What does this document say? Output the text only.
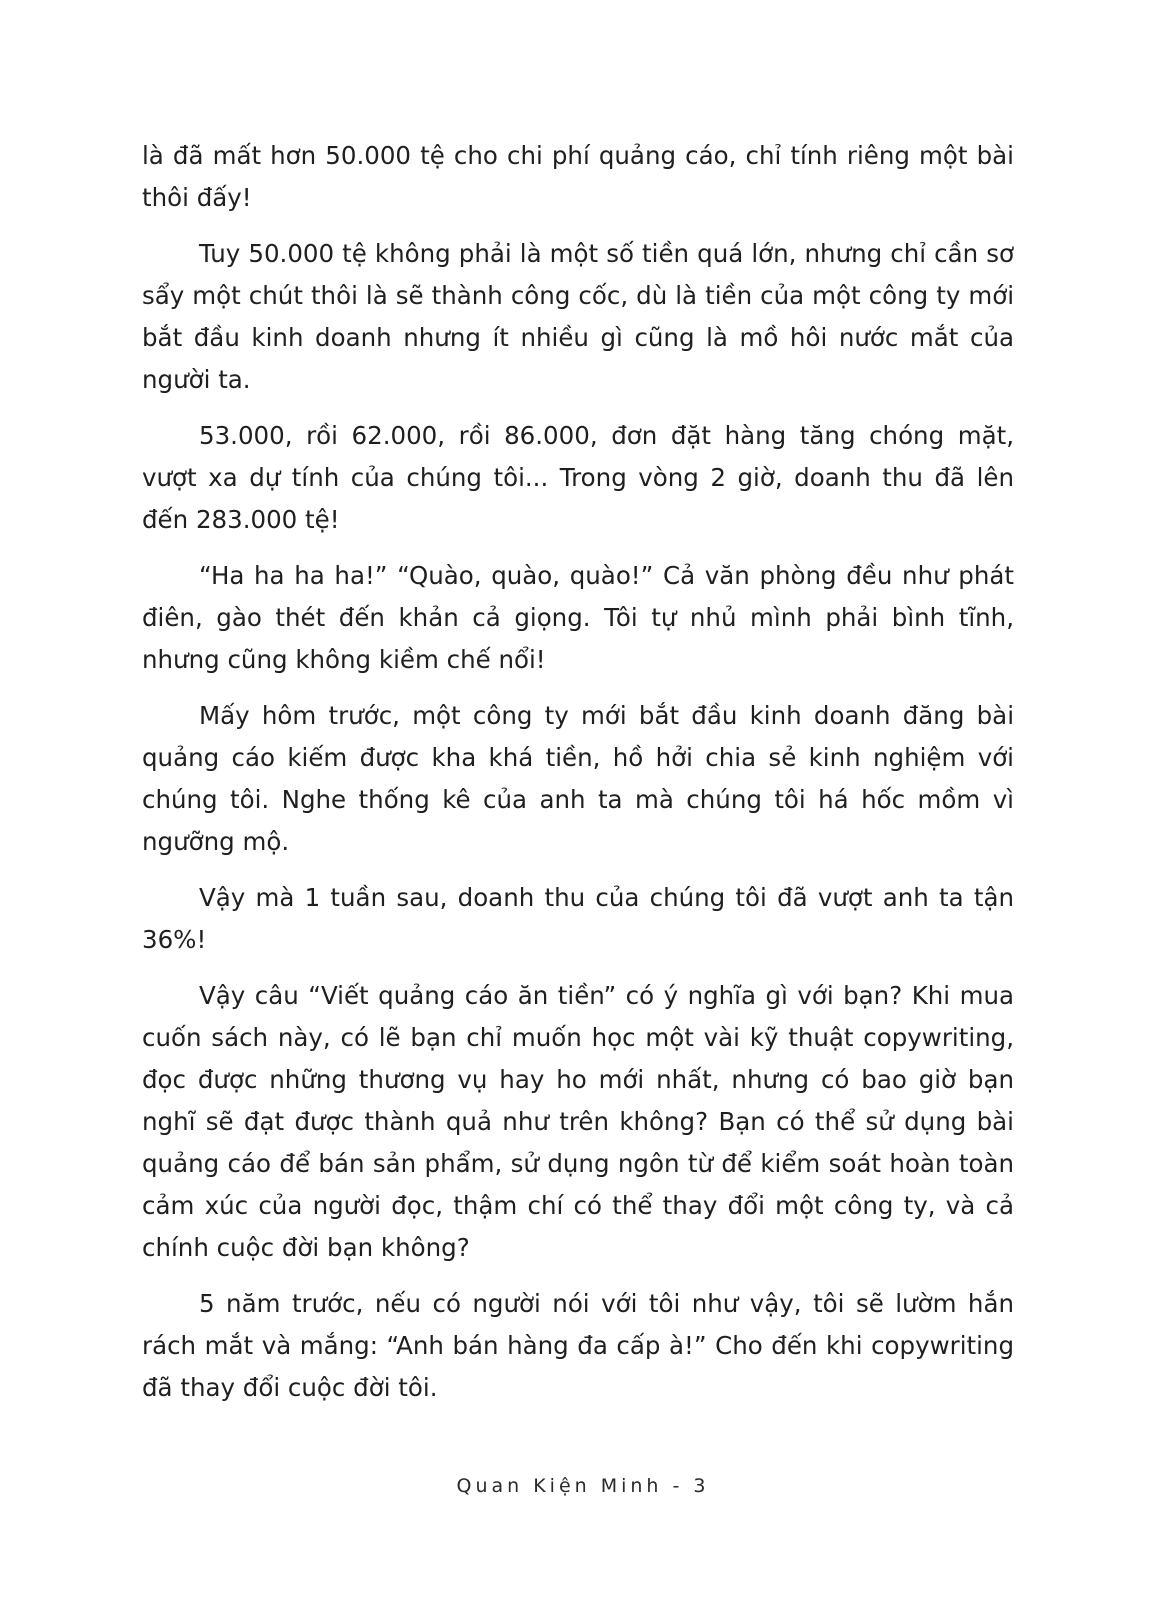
là đã mất hơn 50.000 tệ cho chi phí quảng cáo, chỉ tính riêng một bài thôi đấy!

Tuy 50.000 tệ không phải là một số tiền quá lớn, nhưng chỉ cần sơ sẩy một chút thôi là sẽ thành công cốc, dù là tiền của một công ty mới bắt đầu kinh doanh nhưng ít nhiều gì cũng là mồ hôi nước mắt của người ta.

53.000, rồi 62.000, rồi 86.000, đơn đặt hàng tăng chóng mặt, vượt xa dự tính của chúng tôi... Trong vòng 2 giờ, doanh thu đã lên đến 283.000 tệ!

“Ha ha ha ha!” “Quào, quào, quào!” Cả văn phòng đều như phát điên, gào thét đến khản cả giọng. Tôi tự nhủ mình phải bình tĩnh, nhưng cũng không kiềm chế nổi!

Mấy hôm trước, một công ty mới bắt đầu kinh doanh đăng bài quảng cáo kiếm được kha khá tiền, hồ hởi chia sẻ kinh nghiệm với chúng tôi. Nghe thống kê của anh ta mà chúng tôi há hốc mồm vì ngưỡng mộ.

Vậy mà 1 tuần sau, doanh thu của chúng tôi đã vượt anh ta tận 36%!

Vậy câu “Viết quảng cáo ăn tiền” có ý nghĩa gì với bạn? Khi mua cuốn sách này, có lẽ bạn chỉ muốn học một vài kỹ thuật copywriting, đọc được những thương vụ hay ho mới nhất, nhưng có bao giờ bạn nghĩ sẽ đạt được thành quả như trên không? Bạn có thể sử dụng bài quảng cáo để bán sản phẩm, sử dụng ngôn từ để kiểm soát hoàn toàn cảm xúc của người đọc, thậm chí có thể thay đổi một công ty, và cả chính cuộc đời bạn không?

5 năm trước, nếu có người nói với tôi như vậy, tôi sẽ lườm hắn rách mắt và mắng: “Anh bán hàng đa cấp à!” Cho đến khi copywriting đã thay đổi cuộc đời tôi.

Quan Kiện Minh - 3
